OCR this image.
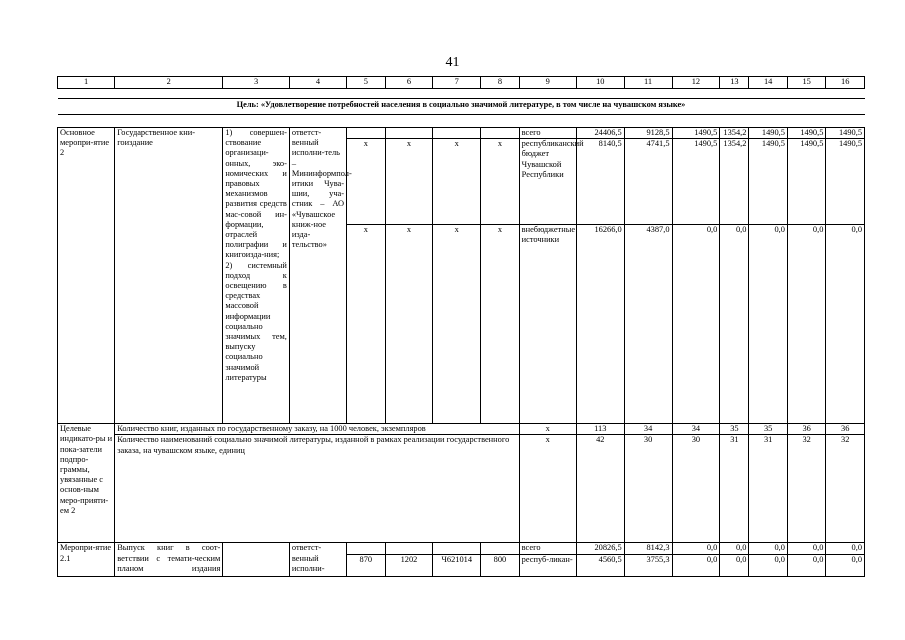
41
1	2	3	4	5	6	7	8	9	10	11	12	13	14	15	16

Цель: «Удовлетворение потребностей населения в социально значимой литературе, в том числе на чувашском языке»															

Основное меропри-ятие 2	Государственное кни-гоиздание	1) совершен-ствование организаци-онных, эко-номических и правовых механизмов развития средств мас-совой ин-формации, отраслей полиграфии и книгоизда-ния; 2) системный подход к освещению в средствах массовой информации социально значимых тем, выпуску социально значимой литературы	ответст-венный исполни-тель – Мининформпол-итики Чува-шии, уча-стник – АО «Чувашское книж-ное изда-тельство»					всего	24406,5	9128,5	1490,5	1354,2	1490,5	1490,5	1490,5
				x	x	x	x	республиканский бюджет Чувашской Республики	8140,5	4741,5	1490,5	1354,2	1490,5	1490,5	1490,5
				x	x	x	x	внебюджетные источники	16266,0	4387,0	0,0	0,0	0,0	0,0	0,0
Целевые индикато-ры и пока-затели подпро-граммы, увязанные с основ-ным меро-прияти-ем 2	Количество книг, изданных по государственному заказу, на 1000 человек, экземпляров							x	113	34	34	35	35	36	36
	Количество наименований социально значимой литературы, изданной в рамках реализации государственного заказа, на чувашском языке, единиц							x	42	30	30	31	31	32	32
Меропри-ятие 2.1	Выпуск книг в соот-ветствии с темати-ческим планом издания		ответст-венный исполни-					всего	20826,5	8142,3	0,0	0,0	0,0	0,0	0,0
				870	1202	Ч621014	800	респуб-ликан-	4560,5	3755,3	0,0	0,0	0,0	0,0	0,0
